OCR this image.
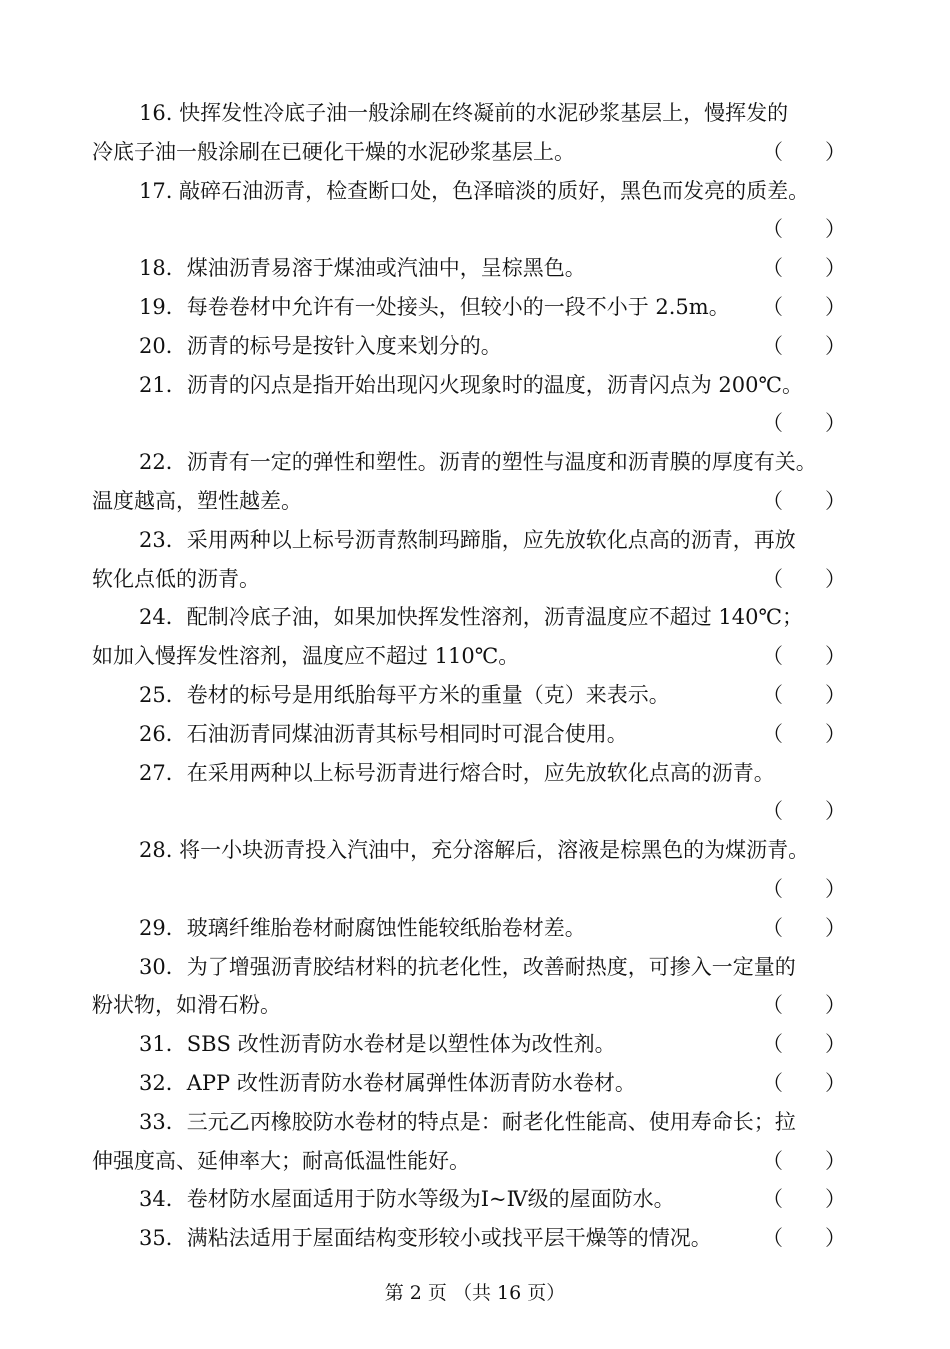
16. 快挥发性冷底子油一般涂刷在终凝前的水泥砂浆基层上，慢挥发的
冷底子油一般涂刷在已硬化干燥的水泥砂浆基层上。	（　　）
17. 敲碎石油沥青，检查断口处，色泽暗淡的质好，黑色而发亮的质差。
（　　）
18．煤油沥青易溶于煤油或汽油中，呈棕黑色。	（　　）
19．每卷卷材中允许有一处接头，但较小的一段不小于 2.5m。 （　　）
20．沥青的标号是按针入度来划分的。	（　　）
21．沥青的闪点是指开始出现闪火现象时的温度，沥青闪点为 200℃。
（　　）
22．沥青有一定的弹性和塑性。沥青的塑性与温度和沥青膜的厚度有关。
温度越高，塑性越差。	（　　）
23．采用两种以上标号沥青熬制玛蹄脂，应先放软化点高的沥青，再放
软化点低的沥青。	（　　）
24．配制冷底子油，如果加快挥发性溶剂，沥青温度应不超过 140℃；
如加入慢挥发性溶剂，温度应不超过 110℃。	（　　）
25．卷材的标号是用纸胎每平方米的重量（克）来表示。	（　　）
26．石油沥青同煤油沥青其标号相同时可混合使用。	（　　）
27．在采用两种以上标号沥青进行熔合时，应先放软化点高的沥青。
（　　）
28. 将一小块沥青投入汽油中，充分溶解后，溶液是棕黑色的为煤沥青。
（　　）
29．玻璃纤维胎卷材耐腐蚀性能较纸胎卷材差。	（　　）
30．为了增强沥青胶结材料的抗老化性，改善耐热度，可掺入一定量的
粉状物，如滑石粉。	（　　）
31．SBS 改性沥青防水卷材是以塑性体为改性剂。	（　　）
32．APP 改性沥青防水卷材属弹性体沥青防水卷材。	（　　）
33．三元乙丙橡胶防水卷材的特点是：耐老化性能高、使用寿命长；拉
伸强度高、延伸率大；耐高低温性能好。	（　　）
34．卷材防水屋面适用于防水等级为Ⅰ~Ⅳ级的屋面防水。	（　　）
35．满粘法适用于屋面结构变形较小或找平层干燥等的情况。 （　　）
第 2 页 （共 16 页）
